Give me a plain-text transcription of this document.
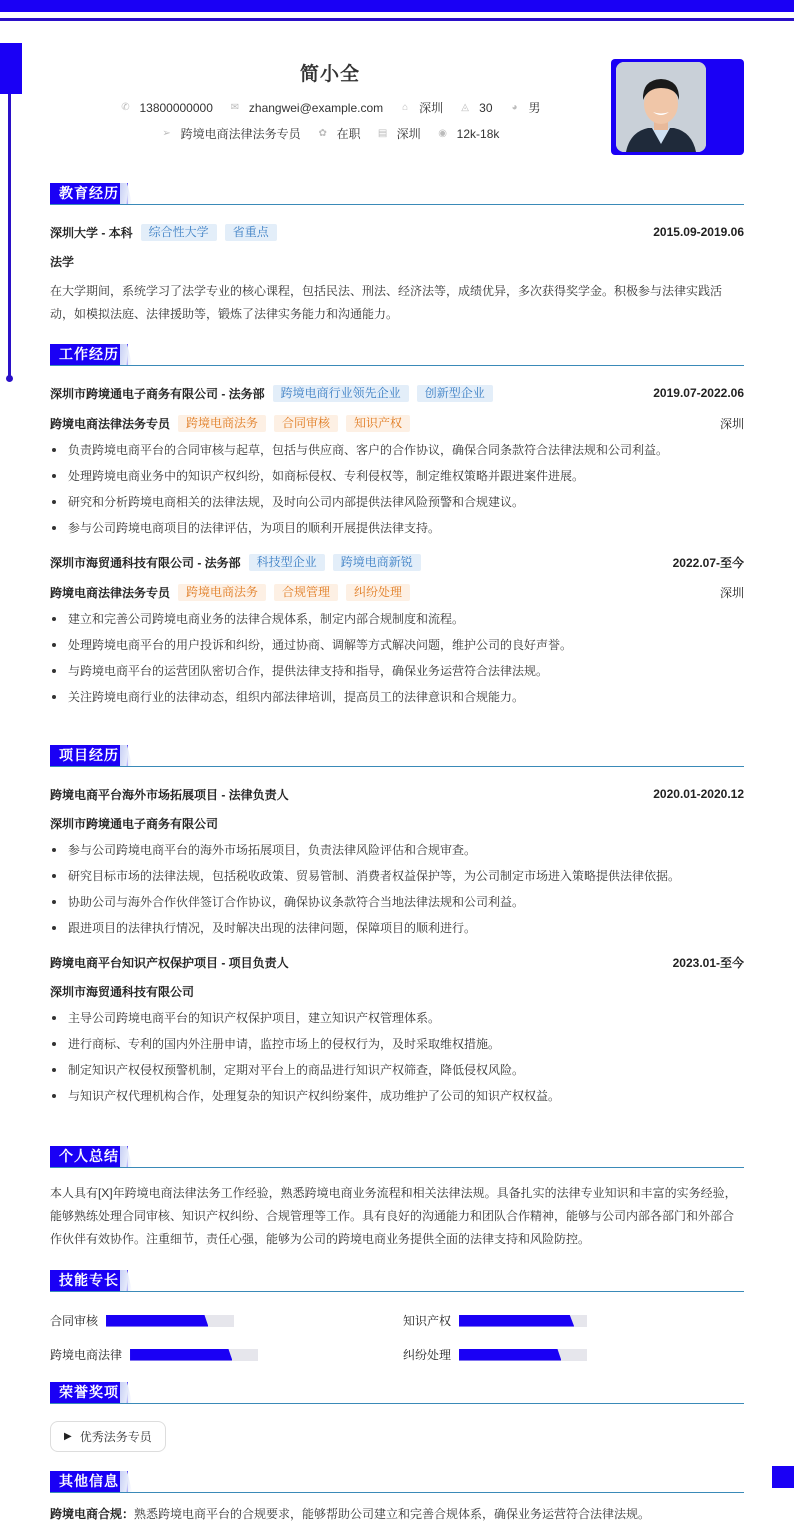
简小全
✆ 13800000000 ✉ zhangwei@example.com ⌂ 深圳 ◬ 30 ◕ 男
➢ 跨境电商法律法务专员 ✿ 在职 ▤ 深圳 ◉ 12k-18k
教育经历
深圳大学 - 本科	综合性大学	省重点	2015.09-2019.06
法学
在大学期间，系统学习了法学专业的核心课程，包括民法、刑法、经济法等，成绩优异，多次获得奖学金。积极参与法律实践活动，如模拟法庭、法律援助等，锻炼了法律实务能力和沟通能力。
工作经历
深圳市跨境通电子商务有限公司 - 法务部	跨境电商行业领先企业	创新型企业	2019.07-2022.06
跨境电商法律法务专员	跨境电商法务	合同审核	知识产权	深圳
负责跨境电商平台的合同审核与起草，包括与供应商、客户的合作协议，确保合同条款符合法律法规和公司利益。
处理跨境电商业务中的知识产权纠纷，如商标侵权、专利侵权等，制定维权策略并跟进案件进展。
研究和分析跨境电商相关的法律法规，及时向公司内部提供法律风险预警和合规建议。
参与公司跨境电商项目的法律评估，为项目的顺利开展提供法律支持。
深圳市海贸通科技有限公司 - 法务部	科技型企业	跨境电商新锐	2022.07-至今
跨境电商法律法务专员	跨境电商法务	合规管理	纠纷处理	深圳
建立和完善公司跨境电商业务的法律合规体系，制定内部合规制度和流程。
处理跨境电商平台的用户投诉和纠纷，通过协商、调解等方式解决问题，维护公司的良好声誉。
与跨境电商平台的运营团队密切合作，提供法律支持和指导，确保业务运营符合法律法规。
关注跨境电商行业的法律动态，组织内部法律培训，提高员工的法律意识和合规能力。
项目经历
跨境电商平台海外市场拓展项目 - 法律负责人	2020.01-2020.12
深圳市跨境通电子商务有限公司
参与公司跨境电商平台的海外市场拓展项目，负责法律风险评估和合规审查。
研究目标市场的法律法规，包括税收政策、贸易管制、消费者权益保护等，为公司制定市场进入策略提供法律依据。
协助公司与海外合作伙伴签订合作协议，确保协议条款符合当地法律法规和公司利益。
跟进项目的法律执行情况，及时解决出现的法律问题，保障项目的顺利进行。
跨境电商平台知识产权保护项目 - 项目负责人	2023.01-至今
深圳市海贸通科技有限公司
主导公司跨境电商平台的知识产权保护项目，建立知识产权管理体系。
进行商标、专利的国内外注册申请，监控市场上的侵权行为，及时采取维权措施。
制定知识产权侵权预警机制，定期对平台上的商品进行知识产权筛查，降低侵权风险。
与知识产权代理机构合作，处理复杂的知识产权纠纷案件，成功维护了公司的知识产权权益。
个人总结
本人具有[X]年跨境电商法律法务工作经验，熟悉跨境电商业务流程和相关法律法规。具备扎实的法律专业知识和丰富的实务经验，能够熟练处理合同审核、知识产权纠纷、合规管理等工作。具有良好的沟通能力和团队合作精神，能够与公司内部各部门和外部合作伙伴有效协作。注重细节，责任心强，能够为公司的跨境电商业务提供全面的法律支持和风险防控。
技能专长
合同审核	知识产权
跨境电商法律	纠纷处理
荣誉奖项
▶ 优秀法务专员
其他信息
跨境电商合规：熟悉跨境电商平台的合规要求，能够帮助公司建立和完善合规体系，确保业务运营符合法律法规。
